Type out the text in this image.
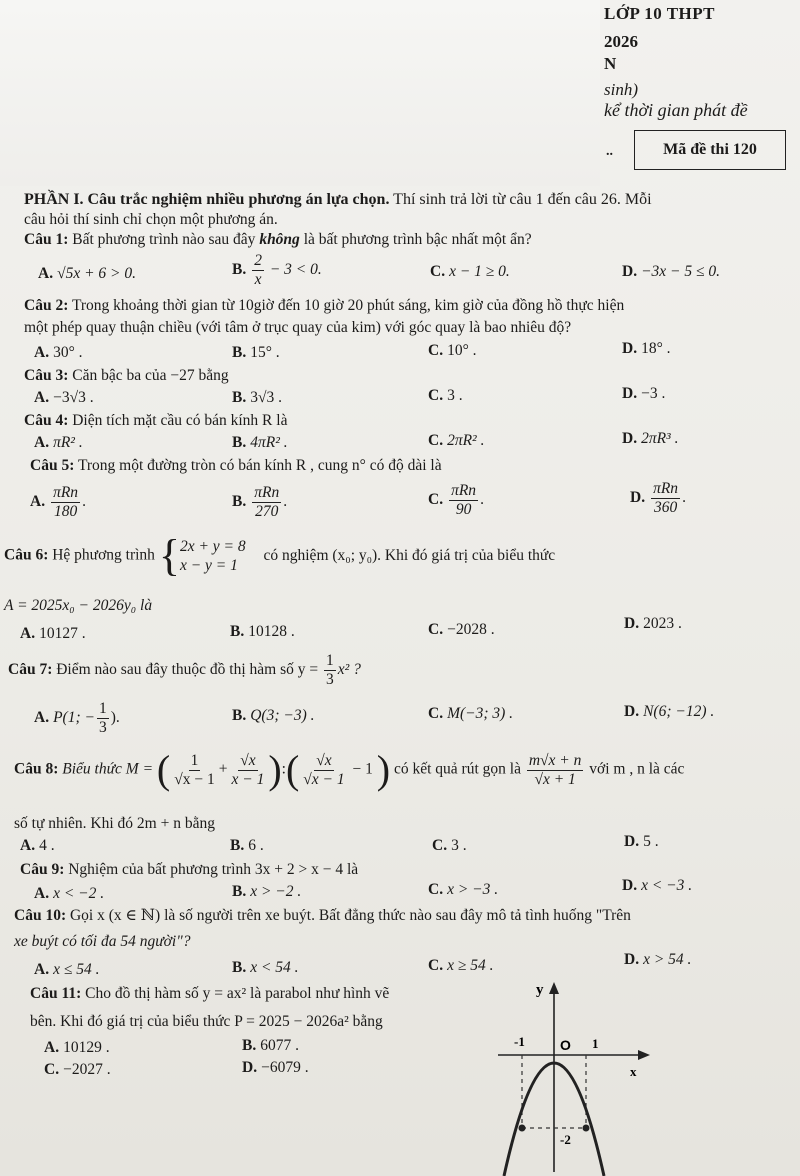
LỚP 10 THPT
2026
N
sinh)
kể thời gian phát đề
..	Mã đề thi 120
PHẦN I. Câu trắc nghiệm nhiều phương án lựa chọn. Thí sinh trả lời từ câu 1 đến câu 26. Mỗi
câu hỏi thí sinh chỉ chọn một phương án.
Câu 1: Bất phương trình nào sau đây không là bất phương trình bậc nhất một ẩn?
A. √5x + 6 > 0.	B. $\frac{2}{x} - 3 < 0$.	C. x − 1 ≥ 0.	D. −3x − 5 ≤ 0.
Câu 2: Trong khoảng thời gian từ 10giờ đến 10 giờ 20 phút sáng, kim giờ của đồng hồ thực hiện
một phép quay thuận chiều (với tâm ở trục quay của kim) với góc quay là bao nhiêu độ?
A. 30° .	B. 15° .	C. 10° .	D. 18° .
Câu 3: Căn bậc ba của −27 bằng
A. −3√3 .	B. 3√3 .	C. 3 .	D. −3 .
Câu 4: Diện tích mặt cầu có bán kính R là
A. πR² .	B. 4πR² .	C. 2πR² .	D. 2πR³ .
Câu 5: Trong một đường tròn có bán kính R , cung n° có độ dài là
A. $\frac{\text{πRn}}{180}$ .	B. $\frac{\text{πRn}}{270}$ .	C. $\frac{\text{πRn}}{90}$ .	D. $\frac{\text{πRn}}{360}$ .
Câu 6: Hệ phương trình { 2x + y = 8
x − y = 1
có nghiệm (x₀; y₀). Khi đó giá trị của biểu thức
A = 2025x₀ − 2026y₀ là
A. 10127 .	B. 10128 .	C. −2028 .	D. 2023 .
Câu 7: Điểm nào sau đây thuộc đồ thị hàm số $y = \frac{1}{3} x^2$ ?
A. P(1; − $\frac{1}{3}$ ).	B. Q(3; −3) .	C. M(−3; 3) .	D. N(6; −12) .
Câu 8: Biểu thức M = ( $\frac{1}{√x - 1} + \frac{√x}{x - 1}$ ):( $\frac{√x}{√x - 1} - 1$ ) có kết quả rút gọn là $\frac{m√x + n}{√x + 1}$ với m , n là các
số tự nhiên. Khi đó 2m + n bằng
A. 4 .	B. 6 .	C. 3 .	D. 5 .
Câu 9: Nghiệm của bất phương trình 3x + 2 > x − 4 là
A. x < −2 .	B. x > −2 .	C. x > −3 .	D. x < −3 .
Câu 10: Gọi x (x ∈ ℕ) là số người trên xe buýt. Bất đẳng thức nào sau đây mô tả tình huống "Trên
xe buýt có tối đa 54 người"?
A. x ≤ 54 .	B. x < 54 .	C. x ≥ 54 .	D. x > 54 .
Câu 11: Cho đồ thị hàm số y = ax² là parabol như hình vẽ
bên. Khi đó giá trị của biểu thức P = 2025 − 2026a² bằng
A. 10129 .	B. 6077 .
C. −2027 .	D. −6079 .
y
x
-1	O 1
-2
